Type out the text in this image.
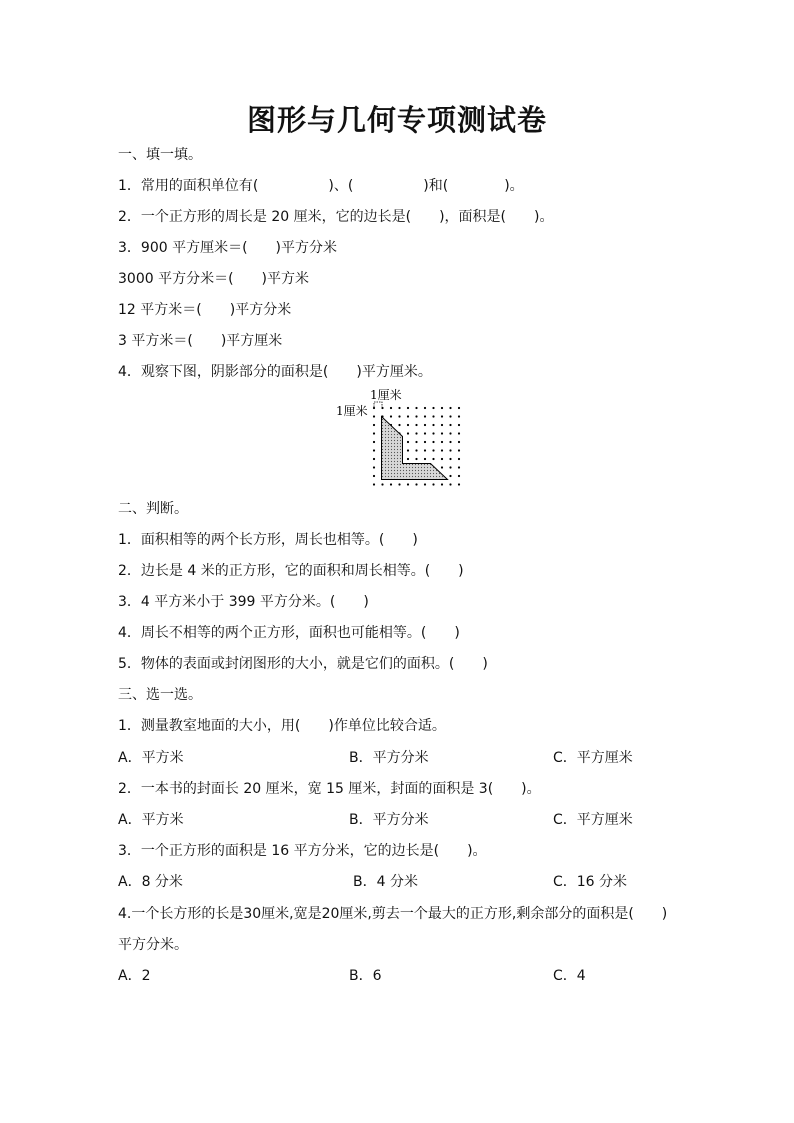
图形与几何专项测试卷
一、填一填。
1．常用的面积单位有(　　　　　)、(　　　　　)和(　　　　)。
2．一个正方形的周长是 20 厘米，它的边长是(　　)，面积是(　　)。
3．900 平方厘米＝(　　)平方分米
3000 平方分米＝(　　)平方米
12 平方米＝(　　)平方分米
3 平方米＝(　　)平方厘米
4．观察下图，阴影部分的面积是(　　)平方厘米。
1厘米
1厘米
二、判断。
1．面积相等的两个长方形，周长也相等。(　　)
2．边长是 4 米的正方形，它的面积和周长相等。(　　)
3．4 平方米小于 399 平方分米。(　　)
4．周长不相等的两个正方形，面积也可能相等。(　　)
5．物体的表面或封闭图形的大小，就是它们的面积。(　　)
三、选一选。
1．测量教室地面的大小，用(　　)作单位比较合适。
A．平方米	B．平方分米	C．平方厘米
2．一本书的封面长 20 厘米，宽 15 厘米，封面的面积是 3(　　)。
A．平方米	B．平方分米	C．平方厘米
3．一个正方形的面积是 16 平方分米，它的边长是(　　)。
A．8 分米	B．4 分米	C．16 分米
4.一个长方形的长是30厘米,宽是20厘米,剪去一个最大的正方形,剩余部分的面积是(　　)
平方分米。
A．2	B．6	C．4
